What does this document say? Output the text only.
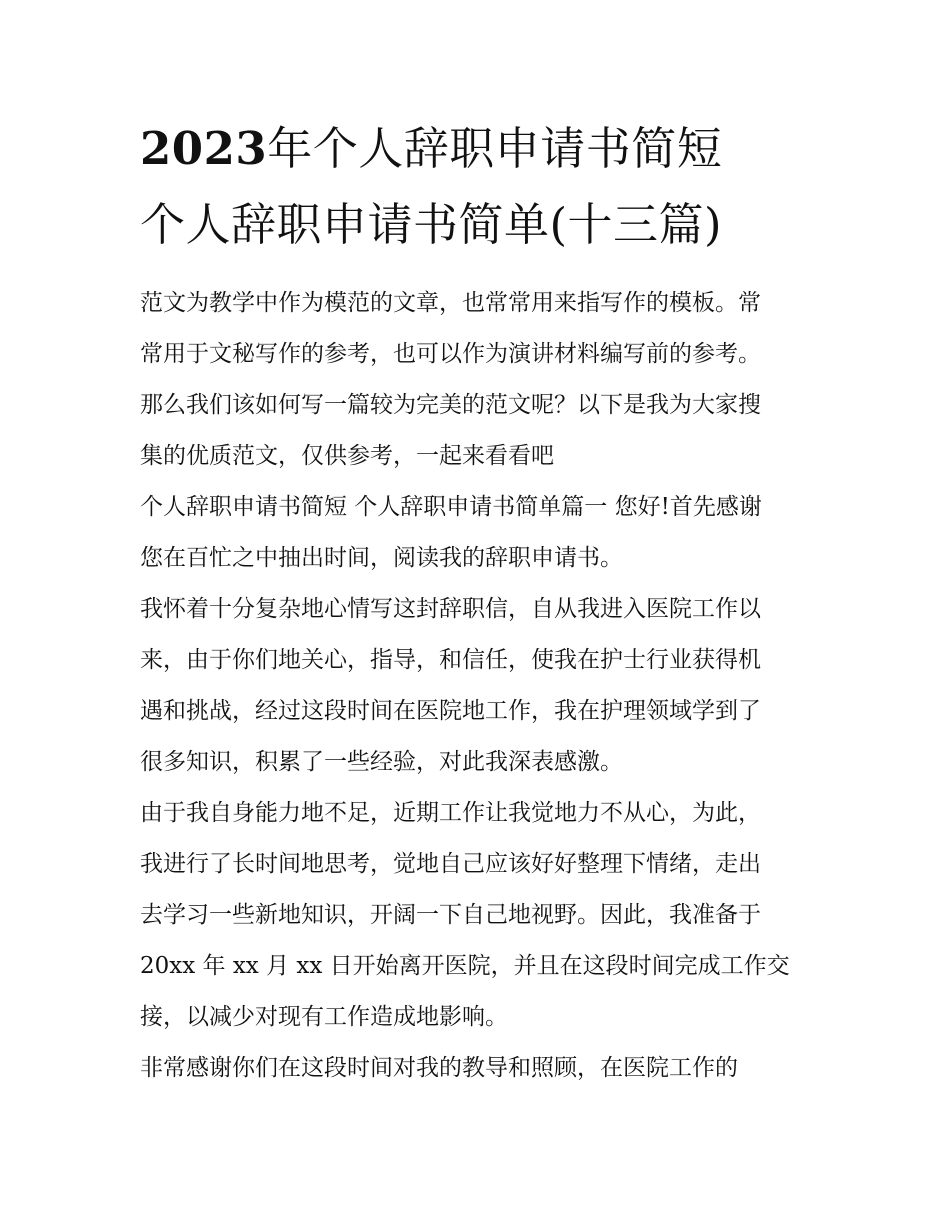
2023年个人辞职申请书简短
个人辞职申请书简单(十三篇)

范文为教学中作为模范的文章，也常常用来指写作的模板。常
常用于文秘写作的参考，也可以作为演讲材料编写前的参考。
那么我们该如何写一篇较为完美的范文呢？以下是我为大家搜
集的优质范文，仅供参考，一起来看看吧

个人辞职申请书简短 个人辞职申请书简单篇一 您好!首先感谢
您在百忙之中抽出时间，阅读我的辞职申请书。

我怀着十分复杂地心情写这封辞职信，自从我进入医院工作以
来，由于你们地关心，指导，和信任，使我在护士行业获得机
遇和挑战，经过这段时间在医院地工作，我在护理领域学到了
很多知识，积累了一些经验，对此我深表感激。

由于我自身能力地不足，近期工作让我觉地力不从心，为此，
我进行了长时间地思考，觉地自己应该好好整理下情绪，走出
去学习一些新地知识，开阔一下自己地视野。因此，我准备于
20xx 年 xx 月 xx 日开始离开医院，并且在这段时间完成工作交
接，以减少对现有工作造成地影响。

非常感谢你们在这段时间对我的教导和照顾，在医院工作的
